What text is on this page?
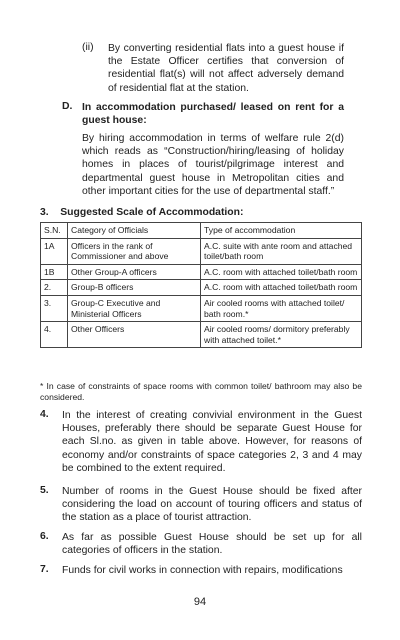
(ii) By converting residential flats into a guest house if the Estate Officer certifies that conversion of residential flat(s) will not affect adversely demand of residential flat at the station.
D. In accommodation purchased/ leased on rent for a guest house:
By hiring accommodation in terms of welfare rule 2(d) which reads as “Construction/hiring/leasing of holiday homes in places of tourist/pilgrimage interest and departmental guest house in Metropolitan cities and other important cities for the use of departmental staff.”
3. Suggested Scale of Accommodation:
S.N.	Category of Officials	Type of accommodation
1A	Officers in the rank of Commissioner and above	A.C. suite with ante room and attached toilet/bath room
1B	Other Group-A officers	A.C. room with attached toilet/bath room
2.	Group-B officers	A.C. room with attached toilet/bath room
3.	Group-C Executive and Ministerial Officers	Air cooled rooms with attached toilet/ bath room.*
4.	Other Officers	Air cooled rooms/ dormitory preferably with attached toilet.*
* In case of constraints of space rooms with common toilet/ bathroom may also be considered.
4. In the interest of creating convivial environment in the Guest Houses, preferably there should be separate Guest House for each Sl.no. as given in table above. However, for reasons of economy and/or constraints of space categories 2, 3 and 4 may be combined to the extent required.
5. Number of rooms in the Guest House should be fixed after considering the load on account of touring officers and status of the station as a place of tourist attraction.
6. As far as possible Guest House should be set up for all categories of officers in the station.
7. Funds for civil works in connection with repairs, modifications
94
